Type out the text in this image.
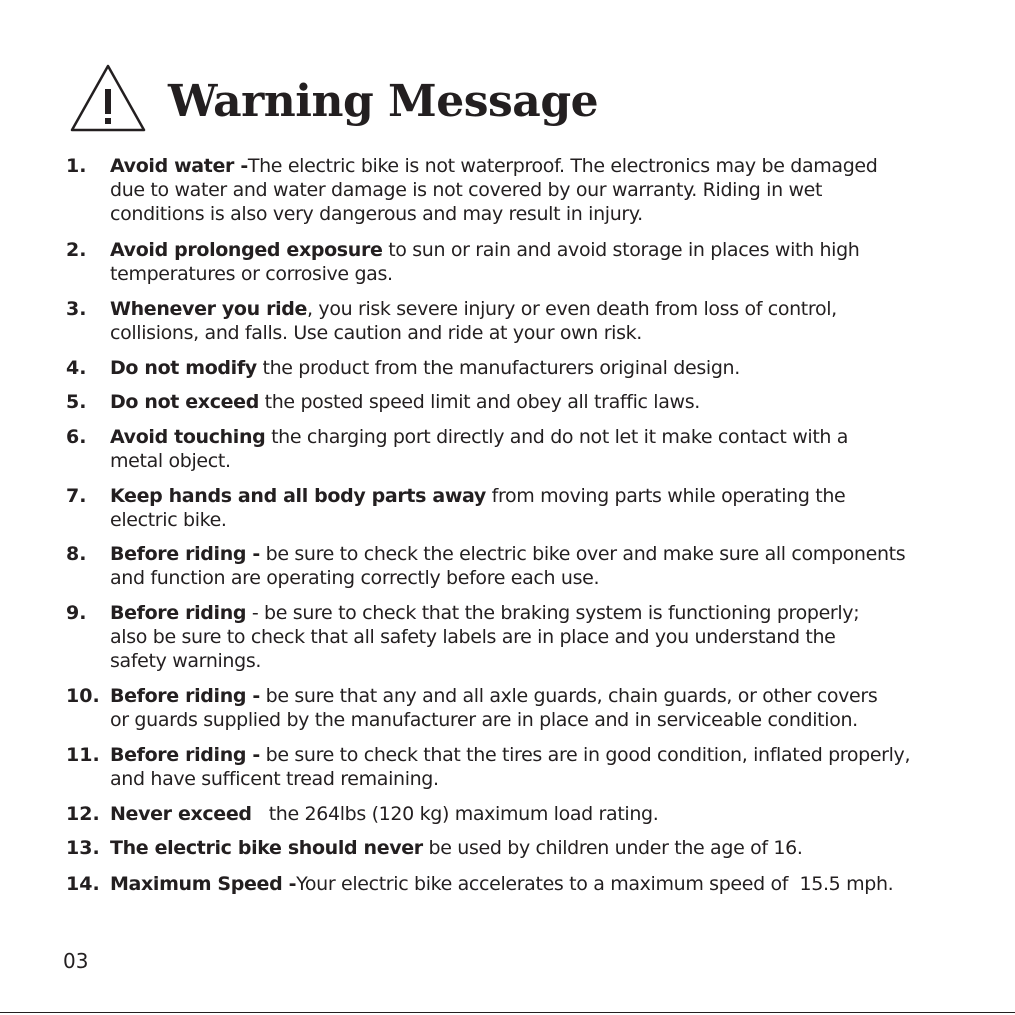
Warning Message
1. Avoid water -The electric bike is not waterproof. The electronics may be damaged
due to water and water damage is not covered by our warranty. Riding in wet
conditions is also very dangerous and may result in injury.
2. Avoid prolonged exposure to sun or rain and avoid storage in places with high
temperatures or corrosive gas.
3. Whenever you ride, you risk severe injury or even death from loss of control,
collisions, and falls. Use caution and ride at your own risk.
4. Do not modify the product from the manufacturers original design.
5. Do not exceed the posted speed limit and obey all traffic laws.
6. Avoid touching the charging port directly and do not let it make contact with a
metal object.
7. Keep hands and all body parts away from moving parts while operating the
electric bike.
8. Before riding - be sure to check the electric bike over and make sure all components
and function are operating correctly before each use.
9. Before riding - be sure to check that the braking system is functioning properly;
also be sure to check that all safety labels are in place and you understand the
safety warnings.
10. Before riding - be sure that any and all axle guards, chain guards, or other covers
or guards supplied by the manufacturer are in place and in serviceable condition.
11. Before riding - be sure to check that the tires are in good condition, inflated properly,
and have sufficent tread remaining.
12. Never exceed   the 264lbs (120 kg) maximum load rating.
13. The electric bike should never be used by children under the age of 16.
14. Maximum Speed -Your electric bike accelerates to a maximum speed of  15.5 mph.
03
